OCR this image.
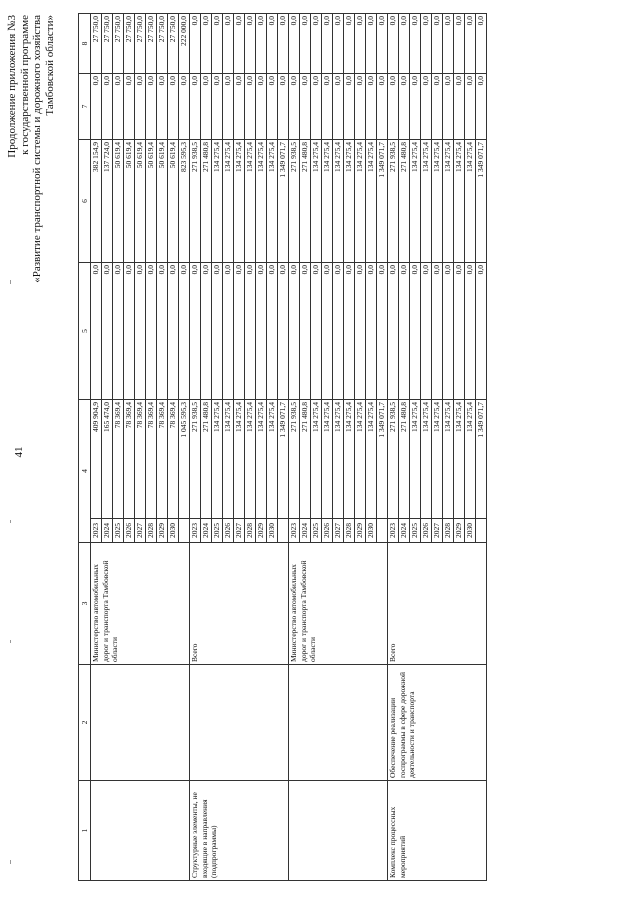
41
Продолжение приложения №3 к государственной программе «Развитие транспортной системы и дорожного хозяйства Тамбовской области»
1	2	3	4		5	6	7	8

		Министерство автомобильных дорог и транспорта Тамбовской области	2023	409 904,9	0,0	382 154,9	0,0	27 750,0
			2024	165 474,0	0,0	137 724,0	0,0	27 750,0
			2025	78 369,4	0,0	50 619,4	0,0	27 750,0
			2026	78 369,4	0,0	50 619,4	0,0	27 750,0
			2027	78 369,4	0,0	50 619,4	0,0	27 750,0
			2028	78 369,4	0,0	50 619,4	0,0	27 750,0
			2029	78 369,4	0,0	50 619,4	0,0	27 750,0
			2030	78 369,4	0,0	50 619,4	0,0	27 750,0
				1 045 595,3	0,0	823 595,3	0,0	222 000,0

Структурные элементы, не входящие в направления (подпрограммы)		Всего	2023	271 938,5	0,0	271 938,5	0,0	0,0
			2024	271 480,8	0,0	271 480,8	0,0	0,0
			2025	134 275,4	0,0	134 275,4	0,0	0,0
			2026	134 275,4	0,0	134 275,4	0,0	0,0
			2027	134 275,4	0,0	134 275,4	0,0	0,0
			2028	134 275,4	0,0	134 275,4	0,0	0,0
			2029	134 275,4	0,0	134 275,4	0,0	0,0
			2030	134 275,4	0,0	134 275,4	0,0	0,0
				1 349 071,7	0,0	1 349 071,7	0,0	0,0

		Министерство автомобильных дорог и транспорта Тамбовской области	2023	271 938,5	0,0	271 938,5	0,0	0,0
			2024	271 480,8	0,0	271 480,8	0,0	0,0
			2025	134 275,4	0,0	134 275,4	0,0	0,0
			2026	134 275,4	0,0	134 275,4	0,0	0,0
			2027	134 275,4	0,0	134 275,4	0,0	0,0
			2028	134 275,4	0,0	134 275,4	0,0	0,0
			2029	134 275,4	0,0	134 275,4	0,0	0,0
			2030	134 275,4	0,0	134 275,4	0,0	0,0
				1 349 071,7	0,0	1 349 071,7	0,0	0,0

Комплекс процессных мероприятий	Обеспечение реализации госпрограммы в сфере дорожной деятельности и транспорта	Всего	2023	271 938,5	0,0	271 938,5	0,0	0,0
			2024	271 480,8	0,0	271 480,8	0,0	0,0
			2025	134 275,4	0,0	134 275,4	0,0	0,0
			2026	134 275,4	0,0	134 275,4	0,0	0,0
			2027	134 275,4	0,0	134 275,4	0,0	0,0
			2028	134 275,4	0,0	134 275,4	0,0	0,0
			2029	134 275,4	0,0	134 275,4	0,0	0,0
			2030	134 275,4	0,0	134 275,4	0,0	0,0
				1 349 071,7	0,0	1 349 071,7	0,0	0,0
